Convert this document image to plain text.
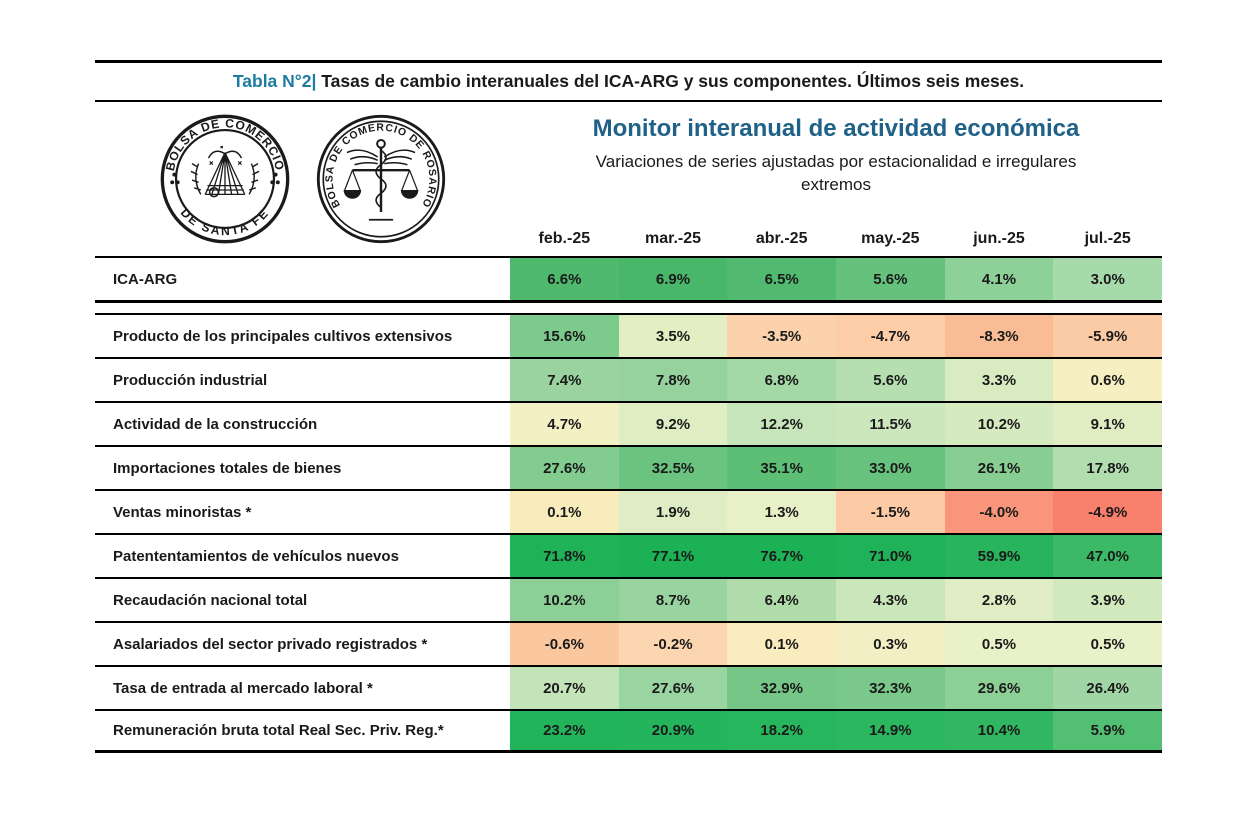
Tabla N°2| Tasas de cambio interanuales del ICA-ARG y sus componentes. Últimos seis meses.
BOLSA DE COMERCIO
DE SANTA FE
BOLSA DE COMERCIO DE ROSARIO
Monitor interanual de actividad económica
Variaciones de series ajustadas por estacionalidad e irregulares
extremos
feb.-25	mar.-25	abr.-25	may.-25	jun.-25	jul.-25
ICA-ARG	6.6%	6.9%	6.5%	5.6%	4.1%	3.0%
Producto de los principales cultivos extensivos	15.6%	3.5%	-3.5%	-4.7%	-8.3%	-5.9%
Producción industrial	7.4%	7.8%	6.8%	5.6%	3.3%	0.6%
Actividad de la construcción	4.7%	9.2%	12.2%	11.5%	10.2%	9.1%
Importaciones totales de bienes	27.6%	32.5%	35.1%	33.0%	26.1%	17.8%
Ventas minoristas *	0.1%	1.9%	1.3%	-1.5%	-4.0%	-4.9%
Patententamientos de vehículos nuevos	71.8%	77.1%	76.7%	71.0%	59.9%	47.0%
Recaudación nacional total	10.2%	8.7%	6.4%	4.3%	2.8%	3.9%
Asalariados del sector privado registrados *	-0.6%	-0.2%	0.1%	0.3%	0.5%	0.5%
Tasa de entrada al mercado laboral *	20.7%	27.6%	32.9%	32.3%	29.6%	26.4%
Remuneración bruta total Real Sec. Priv. Reg.*	23.2%	20.9%	18.2%	14.9%	10.4%	5.9%
